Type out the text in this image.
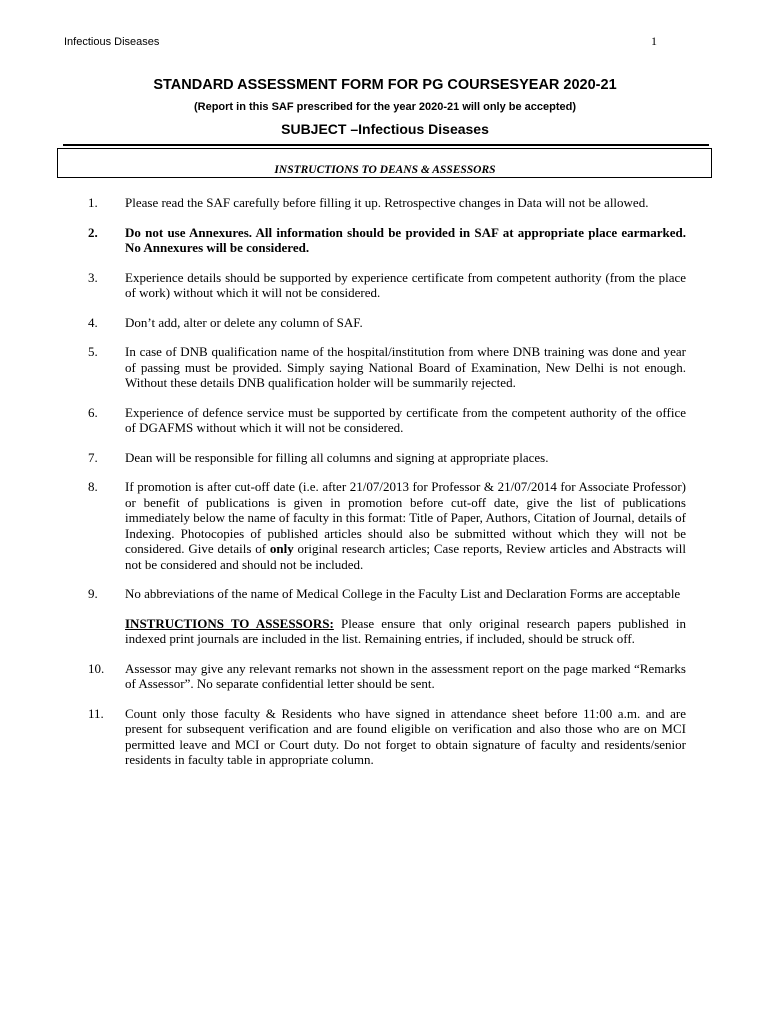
Infectious Diseases	1
STANDARD ASSESSMENT FORM FOR PG COURSESYEAR 2020-21
(Report in this SAF prescribed for the year 2020-21 will only be accepted)
SUBJECT –Infectious Diseases
INSTRUCTIONS TO DEANS & ASSESSORS
1.	Please read the SAF carefully before filling it up. Retrospective changes in Data will not be allowed.
2.	Do not use Annexures. All information should be provided in SAF at appropriate place earmarked. No Annexures will be considered.
3.	Experience details should be supported by experience certificate from competent authority (from the place of work) without which it will not be considered.
4.	Don’t add, alter or delete any column of SAF.
5.	In case of DNB qualification name of the hospital/institution from where DNB training was done and year of passing must be provided. Simply saying National Board of Examination, New Delhi is not enough. Without these details DNB qualification holder will be summarily rejected.
6.	Experience of defence service must be supported by certificate from the competent authority of the office of DGAFMS without which it will not be considered.
7.	Dean will be responsible for filling all columns and signing at appropriate places.
8.	If promotion is after cut-off date (i.e. after 21/07/2013 for Professor & 21/07/2014 for Associate Professor) or benefit of publications is given in promotion before cut-off date, give the list of publications immediately below the name of faculty in this format: Title of Paper, Authors, Citation of Journal, details of Indexing. Photocopies of published articles should also be submitted without which they will not be considered. Give details of only original research articles; Case reports, Review articles and Abstracts will not be considered and should not be included.
9.	No abbreviations of the name of Medical College in the Faculty List and Declaration Forms are acceptable
INSTRUCTIONS TO ASSESSORS: Please ensure that only original research papers published in indexed print journals are included in the list. Remaining entries, if included, should be struck off.
10.	Assessor may give any relevant remarks not shown in the assessment report on the page marked “Remarks of Assessor”. No separate confidential letter should be sent.
11.	Count only those faculty & Residents who have signed in attendance sheet before 11:00 a.m. and are present for subsequent verification and are found eligible on verification and also those who are on MCI permitted leave and MCI or Court duty. Do not forget to obtain signature of faculty and residents/senior residents in faculty table in appropriate column.
